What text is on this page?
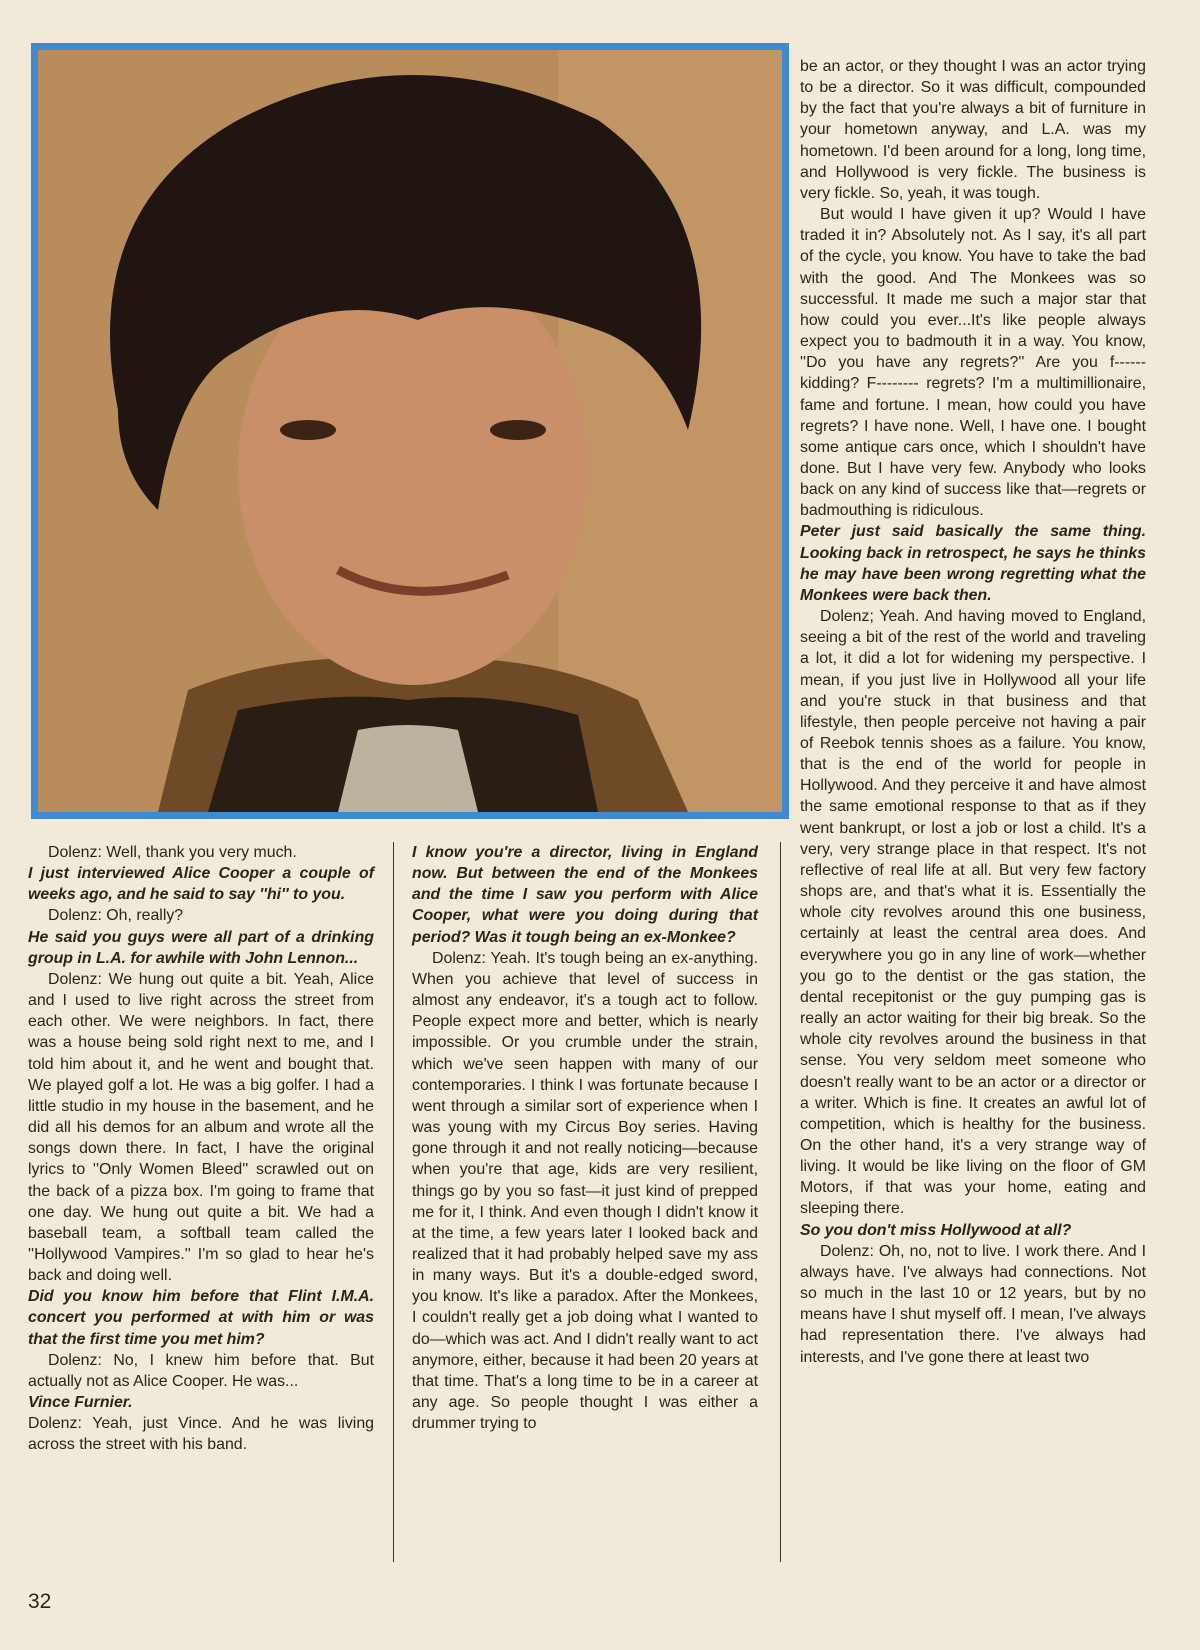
Dolenz: Well, thank you very much.

I just interviewed Alice Cooper a couple of weeks ago, and he said to say ''hi'' to you.

Dolenz: Oh, really?

He said you guys were all part of a drinking group in L.A. for awhile with John Lennon...

Dolenz: We hung out quite a bit. Yeah, Alice and I used to live right across the street from each other. We were neighbors. In fact, there was a house being sold right next to me, and I told him about it, and he went and bought that. We played golf a lot. He was a big golfer. I had a little studio in my house in the basement, and he did all his demos for an album and wrote all the songs down there. In fact, I have the original lyrics to ''Only Women Bleed'' scrawled out on the back of a pizza box. I'm going to frame that one day. We hung out quite a bit. We had a baseball team, a softball team called the ''Hollywood Vampires.'' I'm so glad to hear he's back and doing well.

Did you know him before that Flint I.M.A. concert you performed at with him or was that the first time you met him?

Dolenz: No, I knew him before that. But actually not as Alice Cooper. He was...

Vince Furnier.

Dolenz: Yeah, just Vince. And he was living across the street with his band.

I know you're a director, living in England now. But between the end of the Monkees and the time I saw you perform with Alice Cooper, what were you doing during that period? Was it tough being an ex-Monkee?

Dolenz: Yeah. It's tough being an ex-anything. When you achieve that level of success in almost any endeavor, it's a tough act to follow. People expect more and better, which is nearly impossible. Or you crumble under the strain, which we've seen happen with many of our contemporaries. I think I was fortunate because I went through a similar sort of experience when I was young with my Circus Boy series. Having gone through it and not really noticing—because when you're that age, kids are very resilient, things go by you so fast—it just kind of prepped me for it, I think. And even though I didn't know it at the time, a few years later I looked back and realized that it had probably helped save my ass in many ways. But it's a double-edged sword, you know. It's like a paradox. After the Monkees, I couldn't really get a job doing what I wanted to do—which was act. And I didn't really want to act anymore, either, because it had been 20 years at that time. That's a long time to be in a career at any age. So people thought I was either a drummer trying to

be an actor, or they thought I was an actor trying to be a director. So it was difficult, compounded by the fact that you're always a bit of furniture in your hometown anyway, and L.A. was my hometown. I'd been around for a long, long time, and Hollywood is very fickle. The business is very fickle. So, yeah, it was tough.

But would I have given it up? Would I have traded it in? Absolutely not. As I say, it's all part of the cycle, you know. You have to take the bad with the good. And The Monkees was so successful. It made me such a major star that how could you ever...It's like people always expect you to badmouth it in a way. You know, ''Do you have any regrets?'' Are you f------ kidding? F-------- regrets? I'm a multimillionaire, fame and fortune. I mean, how could you have regrets? I have none. Well, I have one. I bought some antique cars once, which I shouldn't have done. But I have very few. Anybody who looks back on any kind of success like that—regrets or badmouthing is ridiculous.

Peter just said basically the same thing. Looking back in retrospect, he says he thinks he may have been wrong regretting what the Monkees were back then.

Dolenz; Yeah. And having moved to England, seeing a bit of the rest of the world and traveling a lot, it did a lot for widening my perspective. I mean, if you just live in Hollywood all your life and you're stuck in that business and that lifestyle, then people perceive not having a pair of Reebok tennis shoes as a failure. You know, that is the end of the world for people in Hollywood. And they perceive it and have almost the same emotional response to that as if they went bankrupt, or lost a job or lost a child. It's a very, very strange place in that respect. It's not reflective of real life at all. But very few factory shops are, and that's what it is. Essentially the whole city revolves around this one business, certainly at least the central area does. And everywhere you go in any line of work—whether you go to the dentist or the gas station, the dental recepitonist or the guy pumping gas is really an actor waiting for their big break. So the whole city revolves around the business in that sense. You very seldom meet someone who doesn't really want to be an actor or a director or a writer. Which is fine. It creates an awful lot of competition, which is healthy for the business. On the other hand, it's a very strange way of living. It would be like living on the floor of GM Motors, if that was your home, eating and sleeping there.

So you don't miss Hollywood at all?

Dolenz: Oh, no, not to live. I work there. And I always have. I've always had connections. Not so much in the last 10 or 12 years, but by no means have I shut myself off. I mean, I've always had representation there. I've always had interests, and I've gone there at least two

32
